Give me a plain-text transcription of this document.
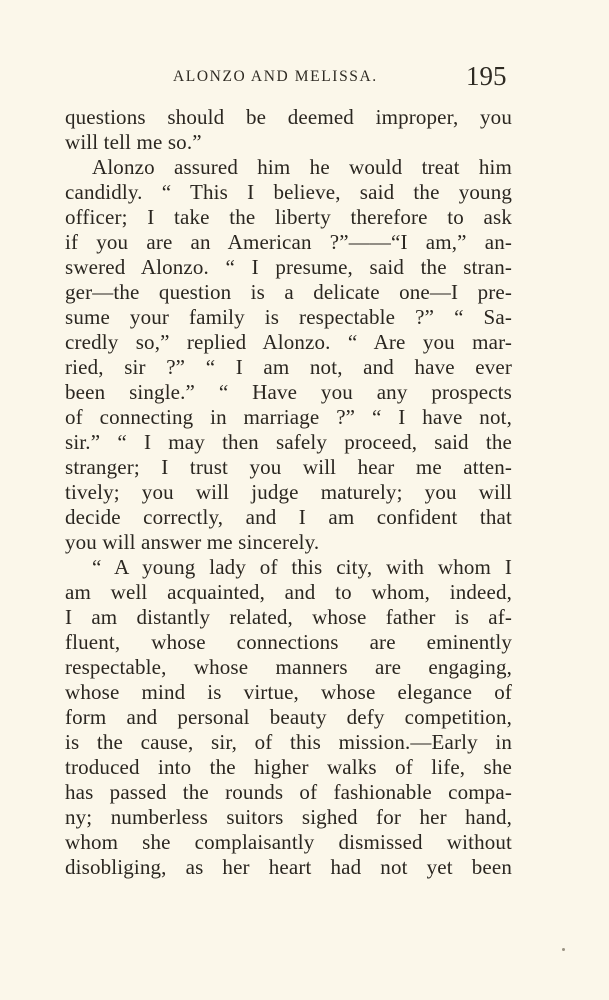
ALONZO AND MELISSA.	195
questions should be deemed improper, you
will tell me so.”
Alonzo assured him he would treat him
candidly. “ This I believe, said the young
officer; I take the liberty therefore to ask
if you are an American ?”——“I am,” an-
swered Alonzo. “ I presume, said the stran-
ger—the question is a delicate one—I pre-
sume your family is respectable ?” “ Sa-
credly so,” replied Alonzo. “ Are you mar-
ried, sir ?” “ I am not, and have ever
been single.” “ Have you any prospects
of connecting in marriage ?” “ I have not,
sir.” “ I may then safely proceed, said the
stranger; I trust you will hear me atten-
tively; you will judge maturely; you will
decide correctly, and I am confident that
you will answer me sincerely.
“ A young lady of this city, with whom I
am well acquainted, and to whom, indeed,
I am distantly related, whose father is af-
fluent, whose connections are eminently
respectable, whose manners are engaging,
whose mind is virtue, whose elegance of
form and personal beauty defy competition,
is the cause, sir, of this mission.—Early in
troduced into the higher walks of life, she
has passed the rounds of fashionable compa-
ny; numberless suitors sighed for her hand,
whom she complaisantly dismissed without
disobliging, as her heart had not yet been
